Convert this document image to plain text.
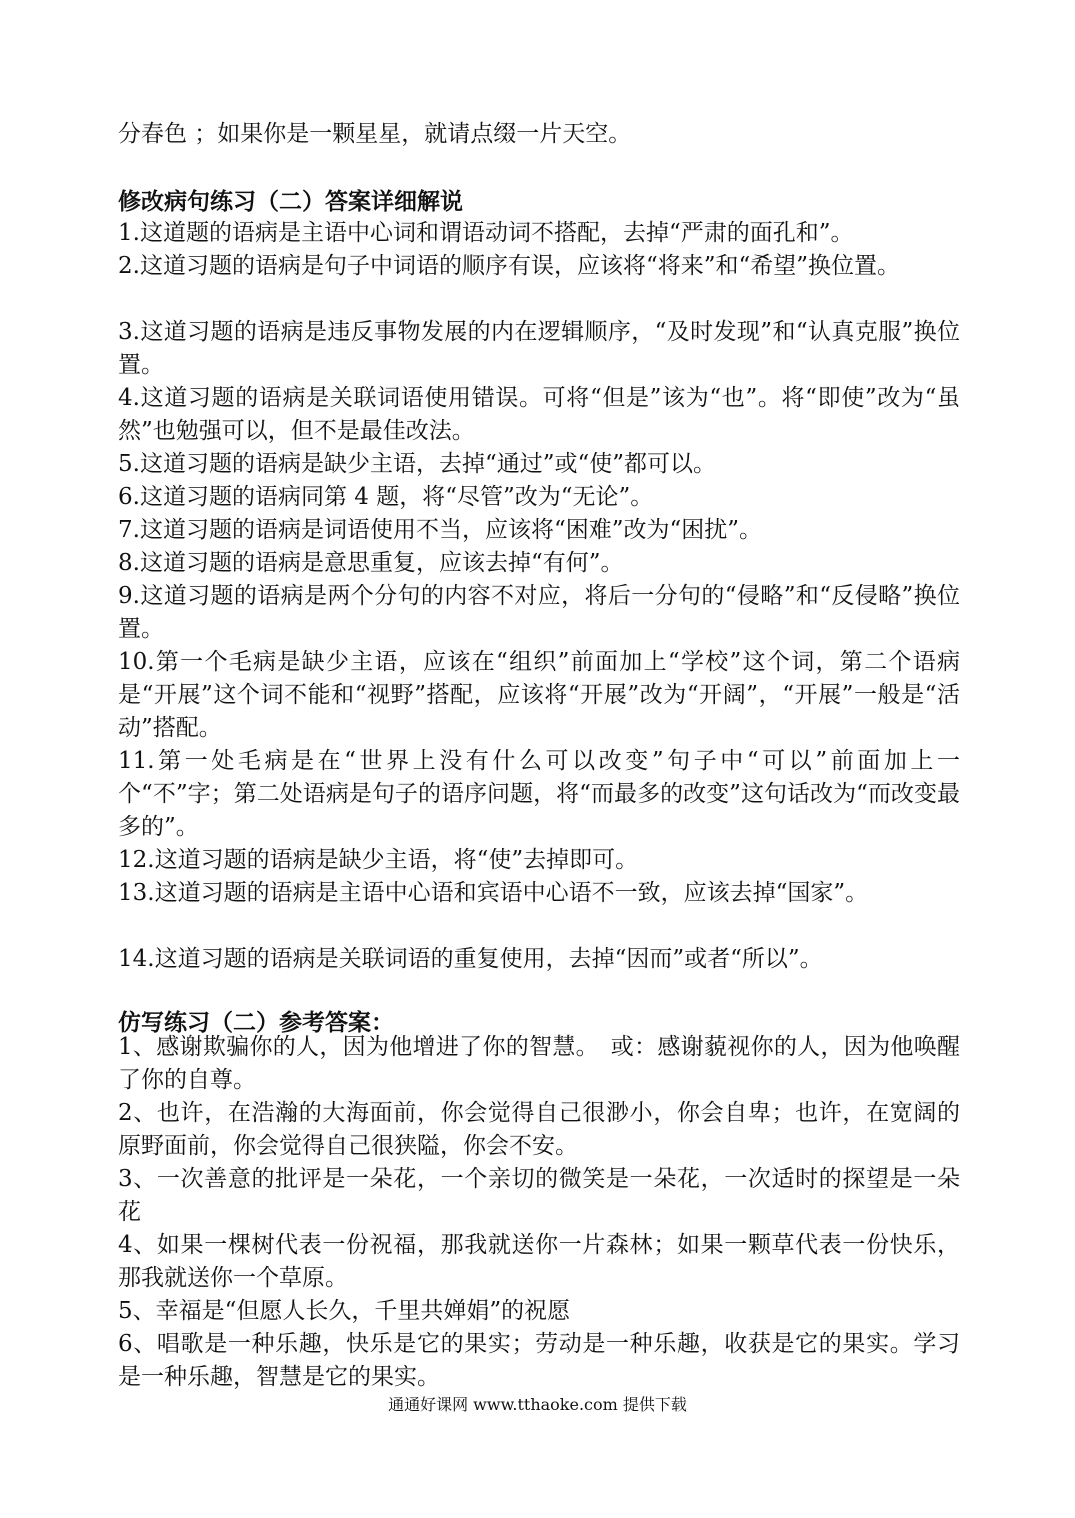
分春色 ；如果你是一颗星星，就请点缀一片天空。
修改病句练习（二）答案详细解说
1.这道题的语病是主语中心词和谓语动词不搭配，去掉“严肃的面孔和”。
2.这道习题的语病是句子中词语的顺序有误，应该将“将来”和“希望”换位置。
3.这道习题的语病是违反事物发展的内在逻辑顺序，“及时发现”和“认真克服”换位置。
4.这道习题的语病是关联词语使用错误。可将“但是”该为“也”。将“即使”改为“虽然”也勉强可以，但不是最佳改法。
5.这道习题的语病是缺少主语，去掉“通过”或“使”都可以。
6.这道习题的语病同第 4 题，将“尽管”改为“无论”。
7.这道习题的语病是词语使用不当，应该将“困难”改为“困扰”。
8.这道习题的语病是意思重复，应该去掉“有何”。
9.这道习题的语病是两个分句的内容不对应，将后一分句的“侵略”和“反侵略”换位置。
10.第一个毛病是缺少主语，应该在“组织”前面加上“学校”这个词，第二个语病是“开展”这个词不能和“视野”搭配，应该将“开展”改为“开阔”，“开展”一般是“活动”搭配。
11.第一处毛病是在“世界上没有什么可以改变”句子中“可以”前面加上一个“不”字；第二处语病是句子的语序问题，将“而最多的改变”这句话改为“而改变最多的”。
12.这道习题的语病是缺少主语，将“使”去掉即可。
13.这道习题的语病是主语中心语和宾语中心语不一致，应该去掉“国家”。
14.这道习题的语病是关联词语的重复使用，去掉“因而”或者“所以”。
仿写练习（二）参考答案：
1、感谢欺骗你的人，因为他增进了你的智慧。　或：感谢藐视你的人，因为他唤醒了你的自尊。
2、也许，在浩瀚的大海面前，你会觉得自己很渺小，你会自卑；也许，在宽阔的原野面前，你会觉得自己很狭隘，你会不安。
3、一次善意的批评是一朵花，一个亲切的微笑是一朵花，一次适时的探望是一朵花
4、如果一棵树代表一份祝福，那我就送你一片森林；如果一颗草代表一份快乐，那我就送你一个草原。
5、幸福是“但愿人长久，千里共婵娟”的祝愿
6、唱歌是一种乐趣，快乐是它的果实；劳动是一种乐趣，收获是它的果实。学习是一种乐趣，智慧是它的果实。
通通好课网 www.tthaoke.com 提供下载
